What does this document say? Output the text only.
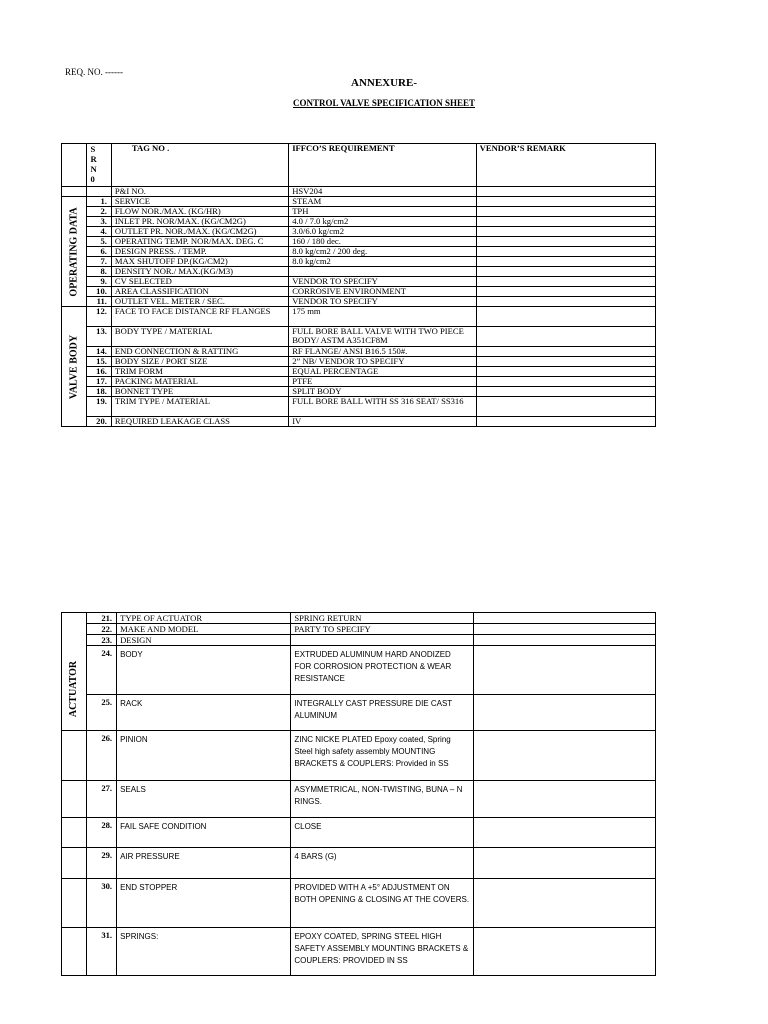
REQ. NO. ------
ANNEXURE-
CONTROL VALVE SPECIFICATION SHEET

	S
R
N
0	TAG NO .	IFFCO’S REQUIREMENT	VENDOR’S REMARK
		P&I NO.	HSV204	

OPERATING DATA	1.	SERVICE	STEAM	
	2.	FLOW NOR./MAX. (KG/HR)	TPH	
	3.	INLET PR. NOR/MAX. (KG/CM2G)	4.0 / 7.0 kg/cm2	
	4.	OUTLET PR. NOR./MAX. (KG/CM2G)	3.0/6.0 kg/cm2	
	5.	OPERATING TEMP. NOR/MAX. DEG. C	160 / 180 dec.	
	6.	DESIGN PRESS. / TEMP.	8.0 kg/cm2 / 200 deg.	
	7.	MAX SHUTOFF DP.(KG/CM2)	8.0 kg/cm2	
	8.	DENSITY NOR./ MAX.(KG/M3)		
	9.	CV SELECTED	VENDOR TO SPECIFY	
	10.	AREA CLASSIFICATION	CORROSIVE ENVIRONMENT	
	11.	OUTLET VEL. METER / SEC.	VENDOR TO SPECIFY	

VALVE BODY	12.	FACE TO FACE DISTANCE RF FLANGES	175 mm	
	13.	BODY TYPE / MATERIAL	FULL BORE BALL VALVE WITH TWO PIECE BODY/ ASTM A351CF8M	
	14.	END CONNECTION & RATTING	RF FLANGE/ ANSI B16.5 150#.	
	15.	BODY SIZE / PORT SIZE	2” NB/ VENDOR TO SPECIFY	
	16.	TRIM FORM	EQUAL PERCENTAGE	
	17.	PACKING MATERIAL	PTFE	
	18.	BONNET TYPE	SPLIT BODY	
	19.	TRIM TYPE / MATERIAL	FULL BORE BALL WITH SS 316 SEAT/ SS316	
	20.	REQUIRED LEAKAGE CLASS	IV	
ACTUATOR	21.	TYPE OF ACTUATOR	SPRING RETURN	
	22.	MAKE AND MODEL	PARTY TO SPECIFY	
	23.	DESIGN		
	24.	BODY	EXTRUDED ALUMINUM HARD ANODIZED FOR CORROSION PROTECTION & WEAR RESISTANCE	
	25.	RACK	INTEGRALLY CAST PRESSURE DIE CAST ALUMINUM	
	26.	PINION	ZINC NICKE PLATED Epoxy coated, Spring Steel high safety assembly MOUNTING BRACKETS & COUPLERS: Provided in SS	
	27.	SEALS	ASYMMETRICAL, NON-TWISTING, BUNA – N RINGS.	
	28.	FAIL SAFE CONDITION	CLOSE	
	29.	AIR PRESSURE	4 BARS (G)	
	30.	END STOPPER	PROVIDED WITH A +5° ADJUSTMENT ON BOTH OPENING & CLOSING AT THE COVERS.	
	31.	SPRINGS:	EPOXY COATED, SPRING STEEL HIGH SAFETY ASSEMBLY MOUNTING BRACKETS & COUPLERS: PROVIDED IN SS	
